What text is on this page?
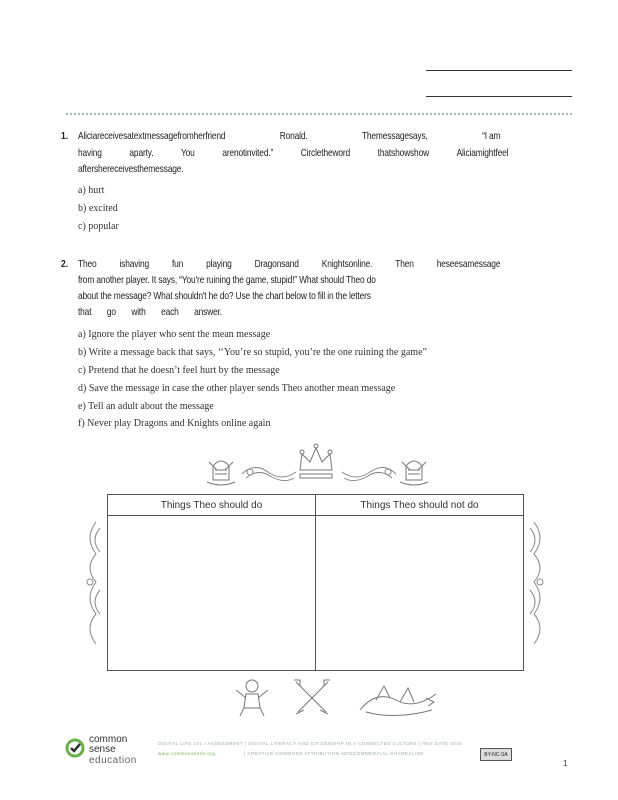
1. Aliciareceivesatextmessagefromherfriend	Ronald.	Themessagesays,	“I am
having	aparty.	You	arenotinvited.”	Circletheword	thatshowshow	Aliciamightfeel
aftershereceivesthemessage.
a) hurt
b) excited
c) popular
2. Theo ishaving fun playing Dragonsand Knightsonline. Then heseesamessage
from another player. It says, “You're ruining the game, stupid!” What should Theo do
about the message? What shouldn't he do? Use the chart below to fill in the letters
that go with each answer.
a) Ignore the player who sent the mean message
b) Write a message back that says, ‘‘You’re so stupid, you’re the one ruining the game”
c) Pretend that he doesn’t feel hurt by the message
d) Save the message in case the other player sends Theo another mean message
e) Tell an adult about the message
f) Never play Dragons and Knights online again
Things Theo should do	Things Theo should not do
common
sense
education
DIGITAL LIFE 101 / ASSESSMENT | DIGITAL LITERACY AND CITIZENSHIP IN A CONNECTED CULTURE | REV DATE 2015
www.commonsense.org	| CREATIVE COMMONS ATTRIBUTION-NONCOMMERCIAL-SHAREALIKE	BY-NC-SA
1
